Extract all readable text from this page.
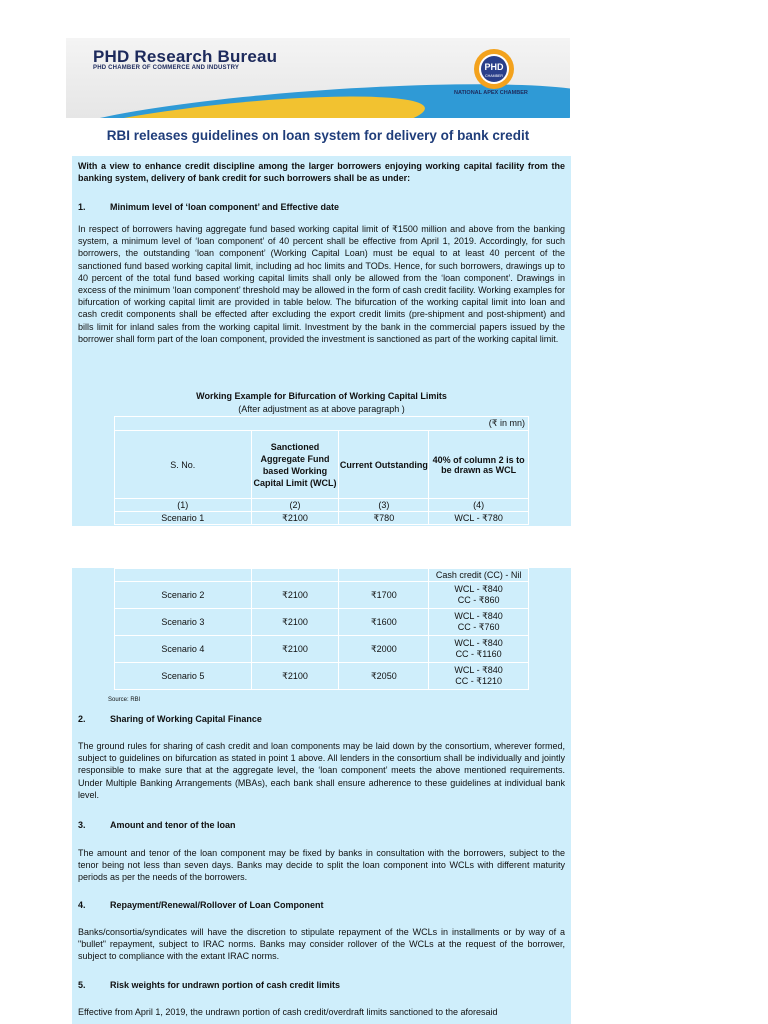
PHD Research Bureau
PHD CHAMBER OF COMMERCE AND INDUSTRY	PHD
CHAMBER
NATIONAL APEX CHAMBER
RBI releases guidelines on loan system for delivery of bank credit

With a view to enhance credit discipline among the larger borrowers enjoying working capital facility from the banking system, delivery of bank credit for such borrowers shall be as under:

1.	Minimum level of ‘loan component’ and Effective date

In respect of borrowers having aggregate fund based working capital limit of ₹1500 million and above from the banking system, a minimum level of ‘loan component’ of 40 percent shall be effective from April 1, 2019. Accordingly, for such borrowers, the outstanding ‘loan component’ (Working Capital Loan) must be equal to at least 40 percent of the sanctioned fund based working capital limit, including ad hoc limits and TODs. Hence, for such borrowers, drawings up to 40 percent of the total fund based working capital limits shall only be allowed from the ‘loan component’. Drawings in excess of the minimum ‘loan component’ threshold may be allowed in the form of cash credit facility. Working examples for bifurcation of working capital limit are provided in table below. The bifurcation of the working capital limit into loan and cash credit components shall be effected after excluding the export credit limits (pre-shipment and post-shipment) and bills limit for inland sales from the working capital limit. Investment by the bank in the commercial papers issued by the borrower shall form part of the loan component, provided the investment is sanctioned as part of the working capital limit.

Working Example for Bifurcation of Working Capital Limits
(After adjustment as at above paragraph )
(₹ in mn)			
S. No.	Sanctioned Aggregate Fund based Working Capital Limit (WCL)	Current Outstanding	40% of column 2 is to be drawn as WCL
(1)	(2)	(3)	(4)
Scenario 1	₹2100	₹780	WCL - ₹780
			Cash credit (CC) - Nil
Scenario 2	₹2100	₹1700	WCL - ₹840
CC - ₹860

Scenario 3	₹2100	₹1600	WCL - ₹840
CC - ₹760

Scenario 4	₹2100	₹2000	WCL - ₹840
CC - ₹1160

Scenario 5	₹2100	₹2050	WCL - ₹840
CC - ₹1210
Source: RBI
2.	Sharing of Working Capital Finance

The ground rules for sharing of cash credit and loan components may be laid down by the consortium, wherever formed, subject to guidelines on bifurcation as stated in point 1 above. All lenders in the consortium shall be individually and jointly responsible to make sure that at the aggregate level, the ‘loan component’ meets the above mentioned requirements. Under Multiple Banking Arrangements (MBAs), each bank shall ensure adherence to these guidelines at individual bank level.

3.	Amount and tenor of the loan

The amount and tenor of the loan component may be fixed by banks in consultation with the borrowers, subject to the tenor being not less than seven days. Banks may decide to split the loan component into WCLs with different maturity periods as per the needs of the borrowers.

4.	Repayment/Renewal/Rollover of Loan Component

Banks/consortia/syndicates will have the discretion to stipulate repayment of the WCLs in installments or by way of a "bullet" repayment, subject to IRAC norms. Banks may consider rollover of the WCLs at the request of the borrower, subject to compliance with the extant IRAC norms.

5.	Risk weights for undrawn portion of cash credit limits

Effective from April 1, 2019, the undrawn portion of cash credit/overdraft limits sanctioned to the aforesaid
